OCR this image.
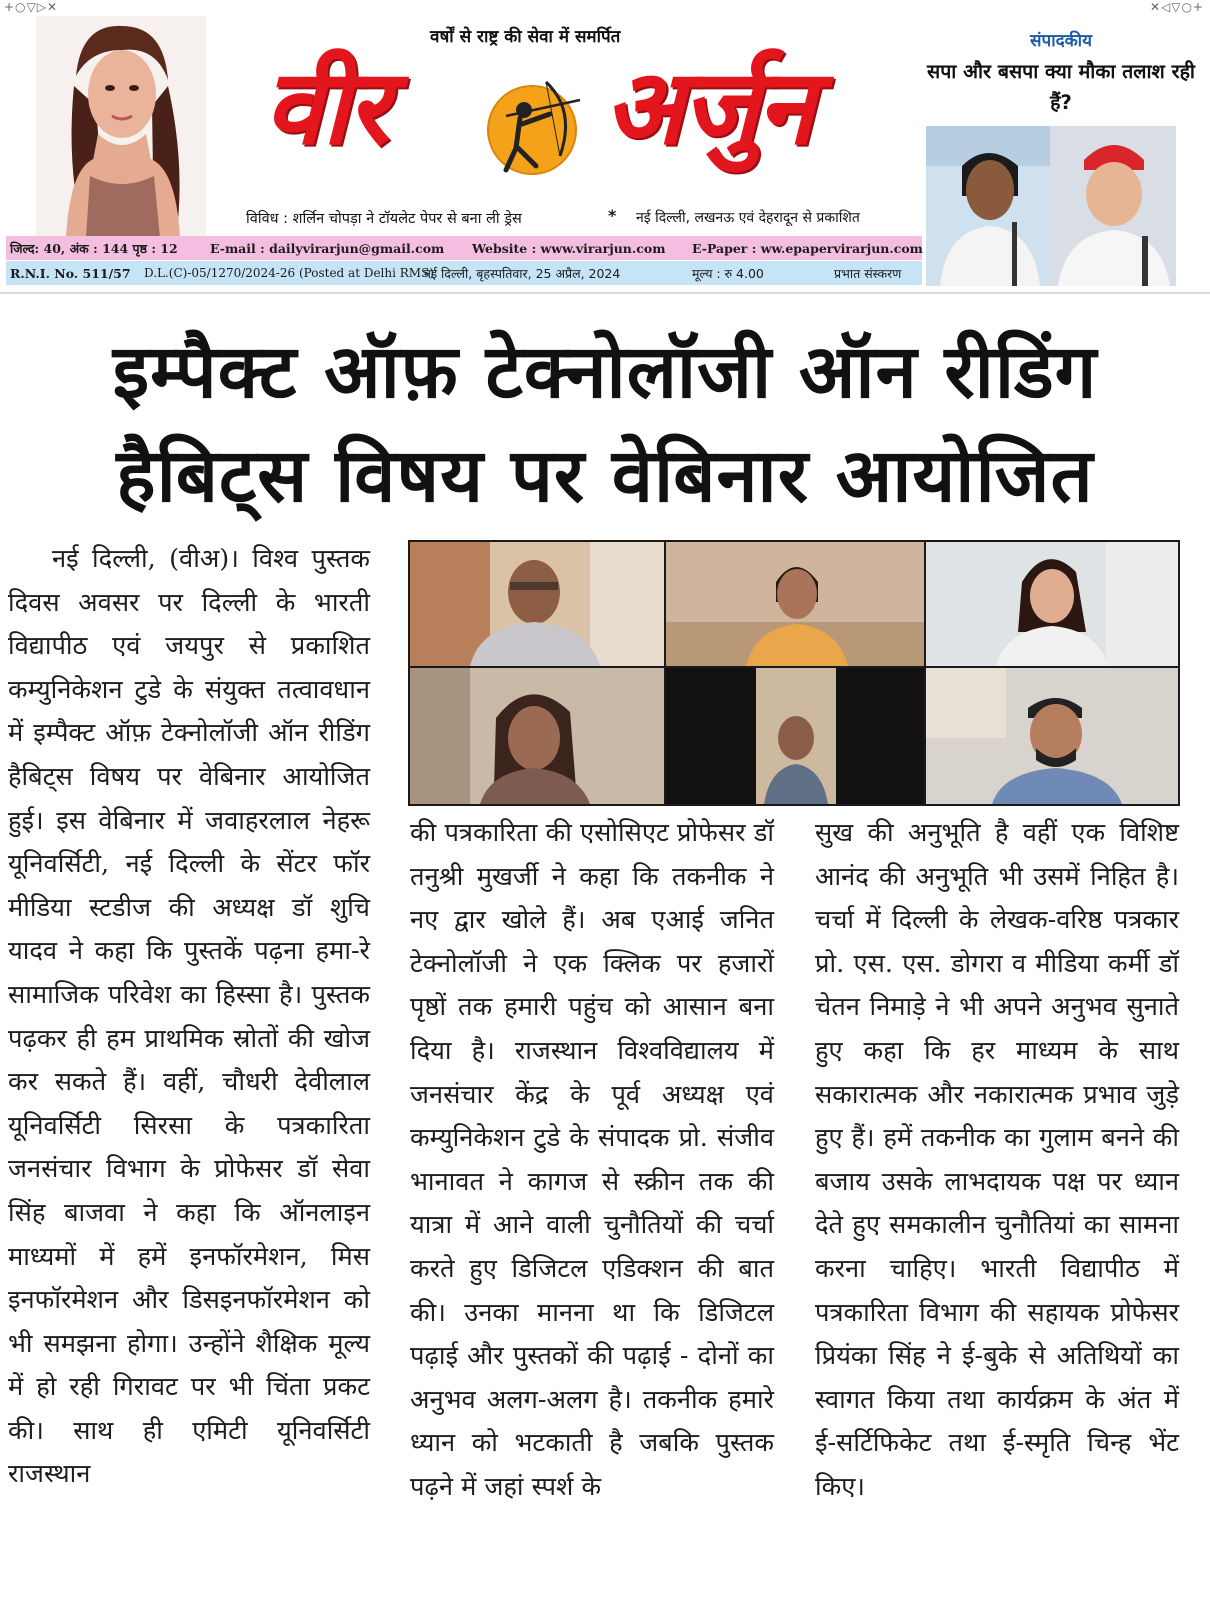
+○▽▷✕	✕◁▽○+
वर्षों से राष्ट्र की सेवा में समर्पित
वीर अर्जुन
विविध : शर्लिन चोपड़ा ने टॉयलेट पेपर से बना ली ड्रेस	* नई दिल्ली, लखनऊ एवं देहरादून से प्रकाशित
जिल्द: 40, अंक : 144 पृष्ठ : 12	E-mail : dailyvirarjun@gmail.com Website : www.virarjun.com E-Paper : ww.epapervirarjun.com
R.N.I. No. 511/57 D.L.(C)-05/1270/2024-26 (Posted at Delhi RMS)
नई दिल्ली, बृहस्पतिवार, 25 अप्रैल, 2024	मूल्य : रु 4.00	प्रभात संस्करण
संपादकीय
सपा और बसपा क्या मौका तलाश रही हैं?
इम्पैक्ट ऑफ़ टेक्नोलॉजी ऑन रीडिंग
हैबिट्स विषय पर वेबिनार आयोजित

नई दिल्ली, (वीअ)। विश्व पुस्तक दिवस अवसर पर दिल्ली के भारती विद्यापीठ एवं जयपुर से प्रकाशित कम्युनिकेशन टुडे के संयुक्त तत्वावधान में इम्पैक्ट ऑफ़ टेक्नोलॉजी ऑन रीडिंग हैबिट्स विषय पर वेबिनार आयोजित हुई। इस वेबिनार में जवाहरलाल नेहरू यूनिवर्सिटी, नई दिल्ली के सेंटर फॉर मीडिया स्टडीज की अध्यक्ष डॉ शुचि यादव ने कहा कि पुस्तकें पढ़ना हमा-रे सामाजिक परिवेश का हिस्सा है। पुस्तक पढ़कर ही हम प्राथमिक स्रोतों की खोज कर सकते हैं। वहीं, चौधरी देवीलाल यूनिवर्सिटी सिरसा के पत्रकारिता जनसंचार विभाग के प्रोफेसर डॉ सेवा सिंह बाजवा ने कहा कि ऑनलाइन माध्यमों में हमें इनफॉरमेशन, मिस इनफॉरमेशन और डिसइनफॉरमेशन को भी समझना होगा। उन्होंने शैक्षिक मूल्य में हो रही गिरावट पर भी चिंता प्रकट की। साथ ही एमिटी यूनिवर्सिटी राजस्थान

की पत्रकारिता की एसोसिएट प्रोफेसर डॉ तनुश्री मुखर्जी ने कहा कि तकनीक ने नए द्वार खोले हैं। अब एआई जनित टेक्नोलॉजी ने एक क्लिक पर हजारों पृष्ठों तक हमारी पहुंच को आसान बना दिया है। राजस्थान विश्वविद्यालय में जनसंचार केंद्र के पूर्व अध्यक्ष एवं कम्युनिकेशन टुडे के संपादक प्रो. संजीव भानावत ने कागज से स्क्रीन तक की यात्रा में आने वाली चुनौतियों की चर्चा करते हुए डिजिटल एडिक्शन की बात की। उनका मानना था कि डिजिटल पढ़ाई और पुस्तकों की पढ़ाई - दोनों का अनुभव अलग-अलग है। तकनीक हमारे ध्यान को भटकाती है जबकि पुस्तक पढ़ने में जहां स्पर्श के

सुख की अनुभूति है वहीं एक विशिष्ट आनंद की अनुभूति भी उसमें निहित है। चर्चा में दिल्ली के लेखक-वरिष्ठ पत्रकार प्रो. एस. एस. डोगरा व मीडिया कर्मी डॉ चेतन निमाड़े ने भी अपने अनुभव सुनाते हुए कहा कि हर माध्यम के साथ सकारात्मक और नकारात्मक प्रभाव जुड़े हुए हैं। हमें तकनीक का गुलाम बनने की बजाय उसके लाभदायक पक्ष पर ध्यान देते हुए समकालीन चुनौतियां का सामना करना चाहिए। भारती विद्यापीठ में पत्रकारिता विभाग की सहायक प्रोफेसर प्रियंका सिंह ने ई-बुके से अतिथियों का स्वागत किया तथा कार्यक्रम के अंत में ई-सर्टिफिकेट तथा ई-स्मृति चिन्ह भेंट किए।
